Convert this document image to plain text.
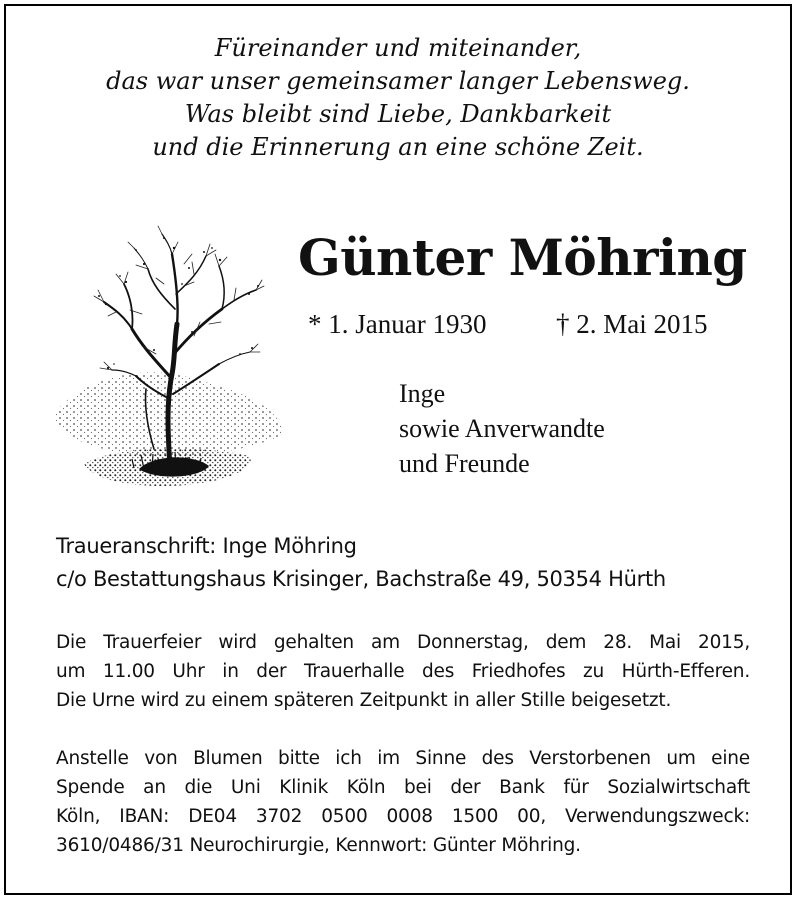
Füreinander und miteinander,
das war unser gemeinsamer langer Lebensweg.
Was bleibt sind Liebe, Dankbarkeit
und die Erinnerung an eine schöne Zeit.
Günter Möhring
* 1. Januar 1930	† 2. Mai 2015
Inge
sowie Anverwandte
und Freunde
Traueranschrift: Inge Möhring
c/o Bestattungshaus Krisinger, Bachstraße 49, 50354 Hürth
Die Trauerfeier wird gehalten am Donnerstag, dem 28. Mai 2015,
um 11.00 Uhr in der Trauerhalle des Friedhofes zu Hürth-Efferen.
Die Urne wird zu einem späteren Zeitpunkt in aller Stille beigesetzt.
Anstelle von Blumen bitte ich im Sinne des Verstorbenen um eine
Spende an die Uni Klinik Köln bei der Bank für Sozialwirtschaft
Köln, IBAN: DE04 3702 0500 0008 1500 00, Verwendungszweck:
3610/0486/31 Neurochirurgie, Kennwort: Günter Möhring.
